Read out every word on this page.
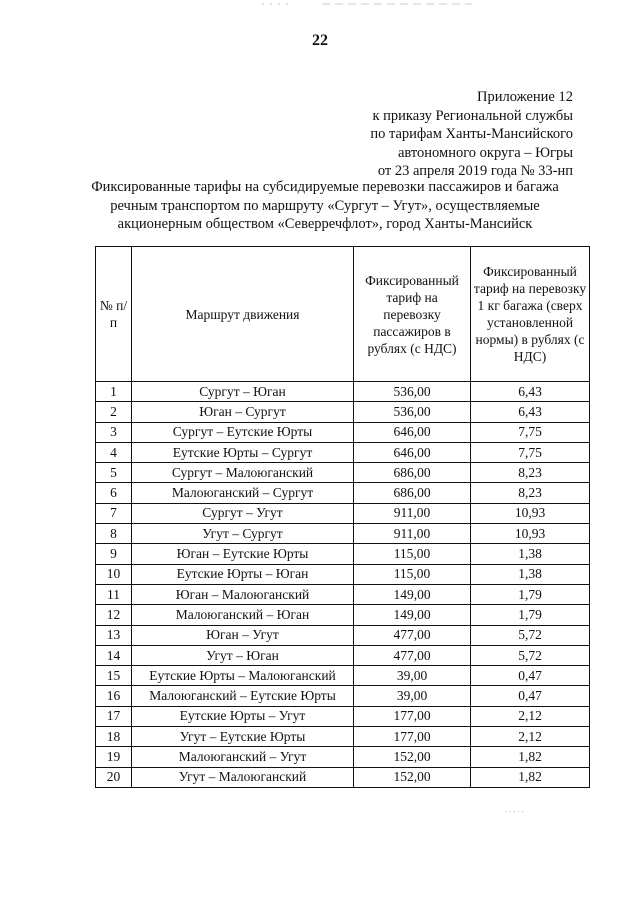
22
Приложение 12
к приказу Региональной службы
по тарифам Ханты-Мансийского
автономного округа – Югры
от 23 апреля 2019 года № 33-нп
Фиксированные тарифы на субсидируемые перевозки пассажиров и багажа
речным транспортом по маршруту «Сургут – Угут», осуществляемые
акционерным обществом «Северречфлот», город Ханты-Мансийск
№ п/п	Маршрут движения	Фиксированный тариф на перевозку пассажиров в рублях (с НДС)	Фиксированный тариф на перевозку 1 кг багажа (сверх установленной нормы) в рублях (с НДС)
1	Сургут – Юган	536,00	6,43
2	Юган – Сургут	536,00	6,43
3	Сургут – Еутские Юрты	646,00	7,75
4	Еутские Юрты – Сургут	646,00	7,75
5	Сургут – Малоюганский	686,00	8,23
6	Малоюганский – Сургут	686,00	8,23
7	Сургут – Угут	911,00	10,93
8	Угут – Сургут	911,00	10,93
9	Юган – Еутские Юрты	115,00	1,38
10	Еутские Юрты – Юган	115,00	1,38
11	Юган – Малоюганский	149,00	1,79
12	Малоюганский – Юган	149,00	1,79
13	Юган – Угут	477,00	5,72
14	Угут – Юган	477,00	5,72
15	Еутские Юрты – Малоюганский	39,00	0,47
16	Малоюганский – Еутские Юрты	39,00	0,47
17	Еутские Юрты – Угут	177,00	2,12
18	Угут – Еутские Юрты	177,00	2,12
19	Малоюганский – Угут	152,00	1,82
20	Угут – Малоюганский	152,00	1,82
· · · · ·
